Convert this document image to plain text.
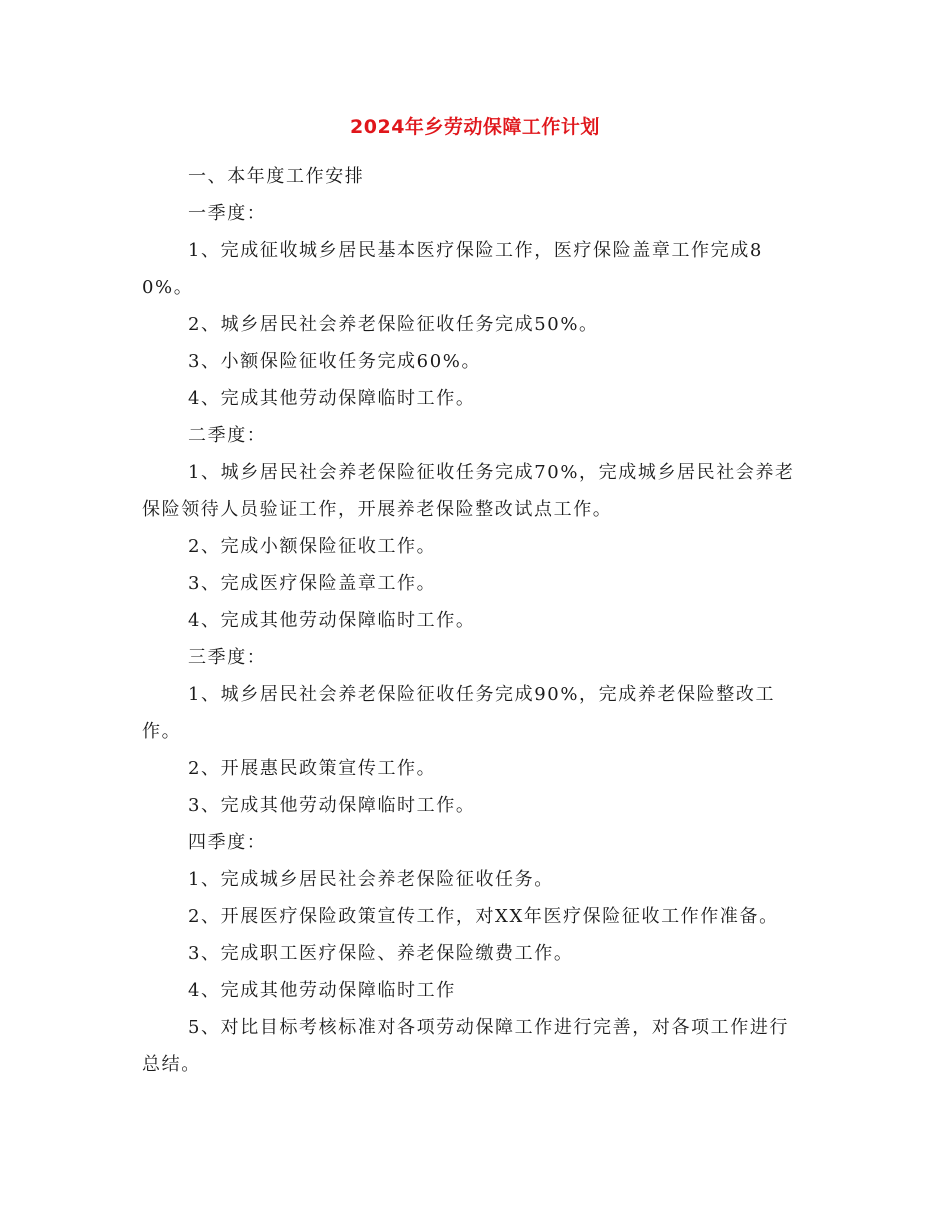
2024年乡劳动保障工作计划

一、本年度工作安排

一季度：

1、完成征收城乡居民基本医疗保险工作，医疗保险盖章工作完成80%。

2、城乡居民社会养老保险征收任务完成50%。

3、小额保险征收任务完成60%。

4、完成其他劳动保障临时工作。

二季度：

1、城乡居民社会养老保险征收任务完成70%，完成城乡居民社会养老保险领待人员验证工作，开展养老保险整改试点工作。

2、完成小额保险征收工作。

3、完成医疗保险盖章工作。

4、完成其他劳动保障临时工作。

三季度：

1、城乡居民社会养老保险征收任务完成90%，完成养老保险整改工作。

2、开展惠民政策宣传工作。

3、完成其他劳动保障临时工作。

四季度：

1、完成城乡居民社会养老保险征收任务。

2、开展医疗保险政策宣传工作，对XX年医疗保险征收工作作准备。

3、完成职工医疗保险、养老保险缴费工作。

4、完成其他劳动保障临时工作

5、对比目标考核标准对各项劳动保障工作进行完善，对各项工作进行总结。
